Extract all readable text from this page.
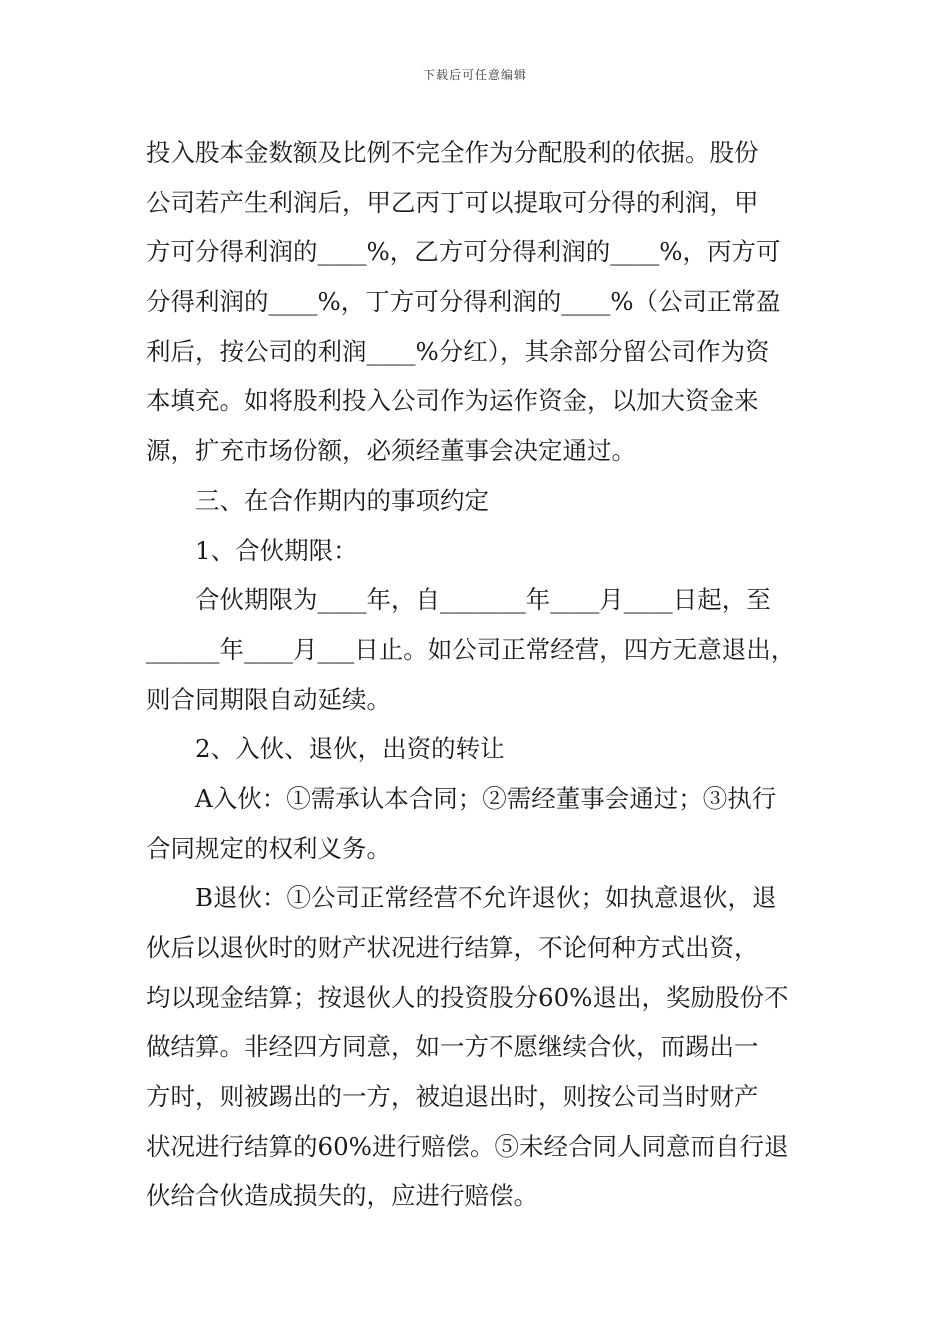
下载后可任意编辑
投入股本金数额及比例不完全作为分配股利的依据。股份
公司若产生利润后，甲乙丙丁可以提取可分得的利润，甲
方可分得利润的____%，乙方可分得利润的____%，丙方可
分得利润的____%，丁方可分得利润的____%（公司正常盈
利后，按公司的利润____%分红），其余部分留公司作为资
本填充。如将股利投入公司作为运作资金，以加大资金来
源，扩充市场份额，必须经董事会决定通过。
三、在合作期内的事项约定
1、合伙期限：
合伙期限为____年，自_______年____月____日起，至
______年____月___日止。如公司正常经营，四方无意退出，
则合同期限自动延续。
2、入伙、退伙，出资的转让
A入伙：①需承认本合同；②需经董事会通过；③执行
合同规定的权利义务。
B退伙：①公司正常经营不允许退伙；如执意退伙，退
伙后以退伙时的财产状况进行结算，不论何种方式出资，
均以现金结算；按退伙人的投资股分60%退出，奖励股份不
做结算。非经四方同意，如一方不愿继续合伙，而踢出一
方时，则被踢出的一方，被迫退出时，则按公司当时财产
状况进行结算的60%进行赔偿。⑤未经合同人同意而自行退
伙给合伙造成损失的，应进行赔偿。
